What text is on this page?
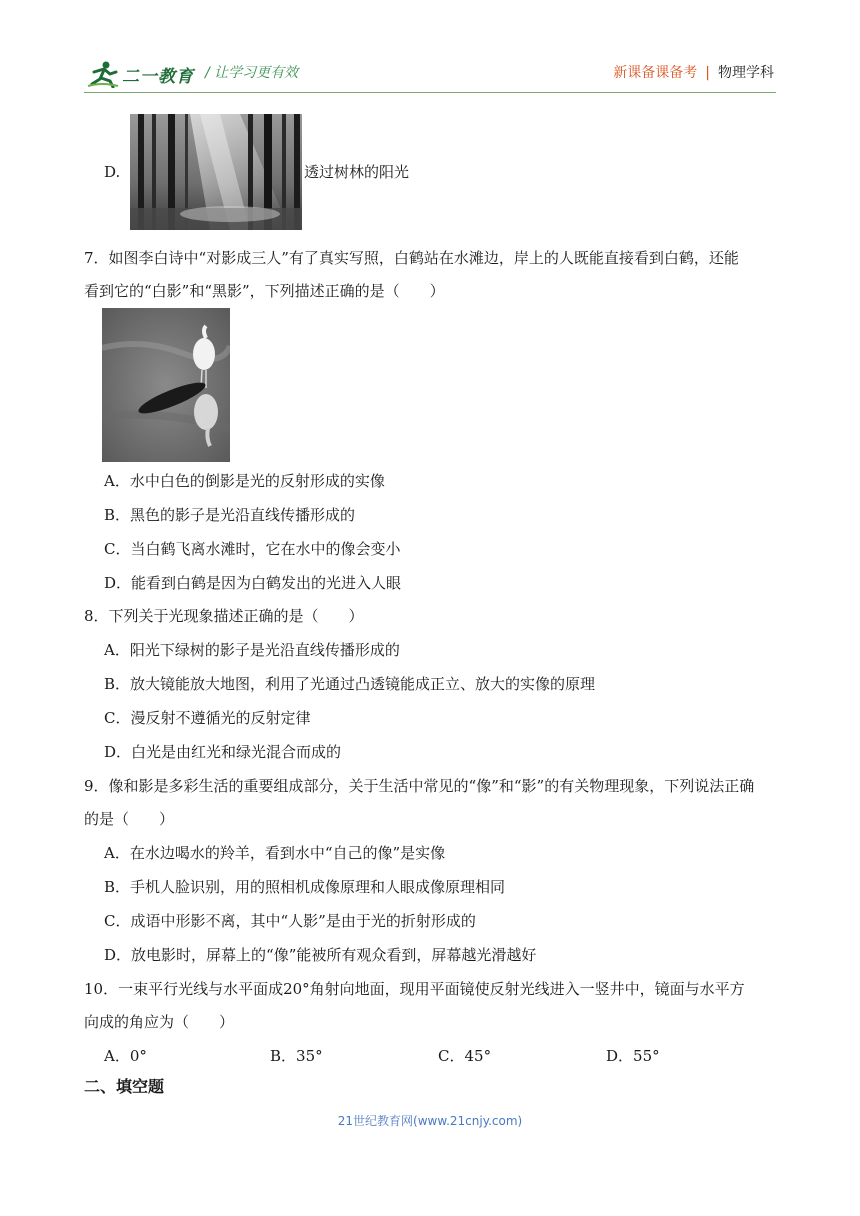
二一教育 / 让学习更有效	新课备课备考 | 物理学科
D.	透过树林的阳光
7．如图李白诗中“对影成三人”有了真实写照，白鹤站在水滩边，岸上的人既能直接看到白鹤，还能
看到它的“白影”和“黑影”，下列描述正确的是（　　）
A．水中白色的倒影是光的反射形成的实像
B．黑色的影子是光沿直线传播形成的
C．当白鹤飞离水滩时，它在水中的像会变小
D．能看到白鹤是因为白鹤发出的光进入人眼
8．下列关于光现象描述正确的是（　　）
A．阳光下绿树的影子是光沿直线传播形成的
B．放大镜能放大地图，利用了光通过凸透镜能成正立、放大的实像的原理
C．漫反射不遵循光的反射定律
D．白光是由红光和绿光混合而成的
9．像和影是多彩生活的重要组成部分，关于生活中常见的“像”和“影”的有关物理现象，下列说法正确
的是（　　）
A．在水边喝水的羚羊，看到水中“自己的像”是实像
B．手机人脸识别，用的照相机成像原理和人眼成像原理相同
C．成语中形影不离，其中“人影”是由于光的折射形成的
D．放电影时，屏幕上的“像”能被所有观众看到，屏幕越光滑越好
10．一束平行光线与水平面成20°角射向地面，现用平面镜使反射光线进入一竖井中，镜面与水平方
向成的角应为（　　）
A．0°	B．35°	C．45°	D．55°
二、填空题
21世纪教育网(www.21cnjy.com)
